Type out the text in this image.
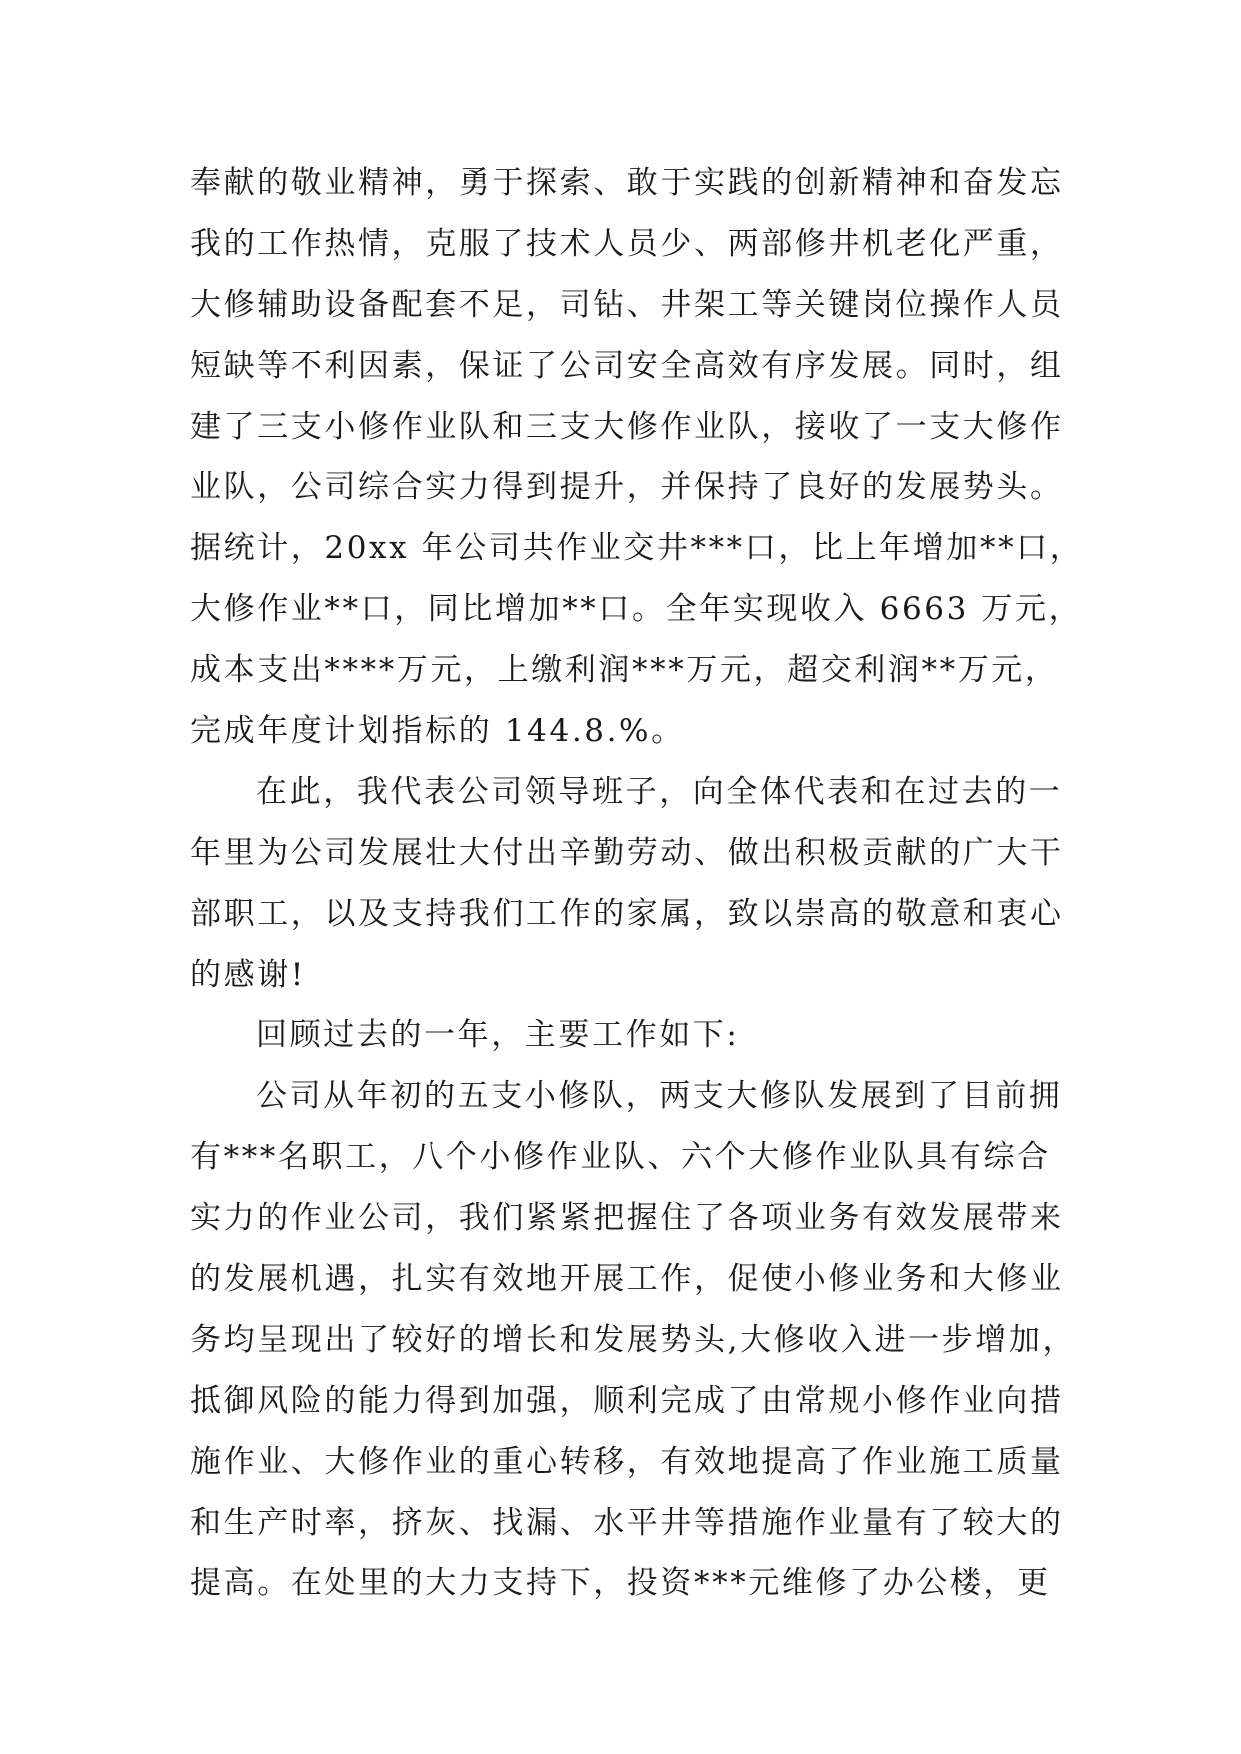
奉献的敬业精神，勇于探索、敢于实践的创新精神和奋发忘
我的工作热情，克服了技术人员少、两部修井机老化严重，
大修辅助设备配套不足，司钻、井架工等关键岗位操作人员
短缺等不利因素，保证了公司安全高效有序发展。同时，组
建了三支小修作业队和三支大修作业队，接收了一支大修作
业队，公司综合实力得到提升，并保持了良好的发展势头。
据统计，20xx 年公司共作业交井***口，比上年增加**口，
大修作业**口，同比增加**口。全年实现收入 6663 万元，
成本支出****万元，上缴利润***万元，超交利润**万元，
完成年度计划指标的 144.8.%。
在此，我代表公司领导班子，向全体代表和在过去的一
年里为公司发展壮大付出辛勤劳动、做出积极贡献的广大干
部职工，以及支持我们工作的家属，致以崇高的敬意和衷心
的感谢!
回顾过去的一年，主要工作如下:
公司从年初的五支小修队，两支大修队发展到了目前拥
有***名职工，八个小修作业队、六个大修作业队具有综合
实力的作业公司，我们紧紧把握住了各项业务有效发展带来
的发展机遇，扎实有效地开展工作，促使小修业务和大修业
务均呈现出了较好的增长和发展势头,大修收入进一步增加，
抵御风险的能力得到加强，顺利完成了由常规小修作业向措
施作业、大修作业的重心转移，有效地提高了作业施工质量
和生产时率，挤灰、找漏、水平井等措施作业量有了较大的
提高。在处里的大力支持下，投资***元维修了办公楼，更
